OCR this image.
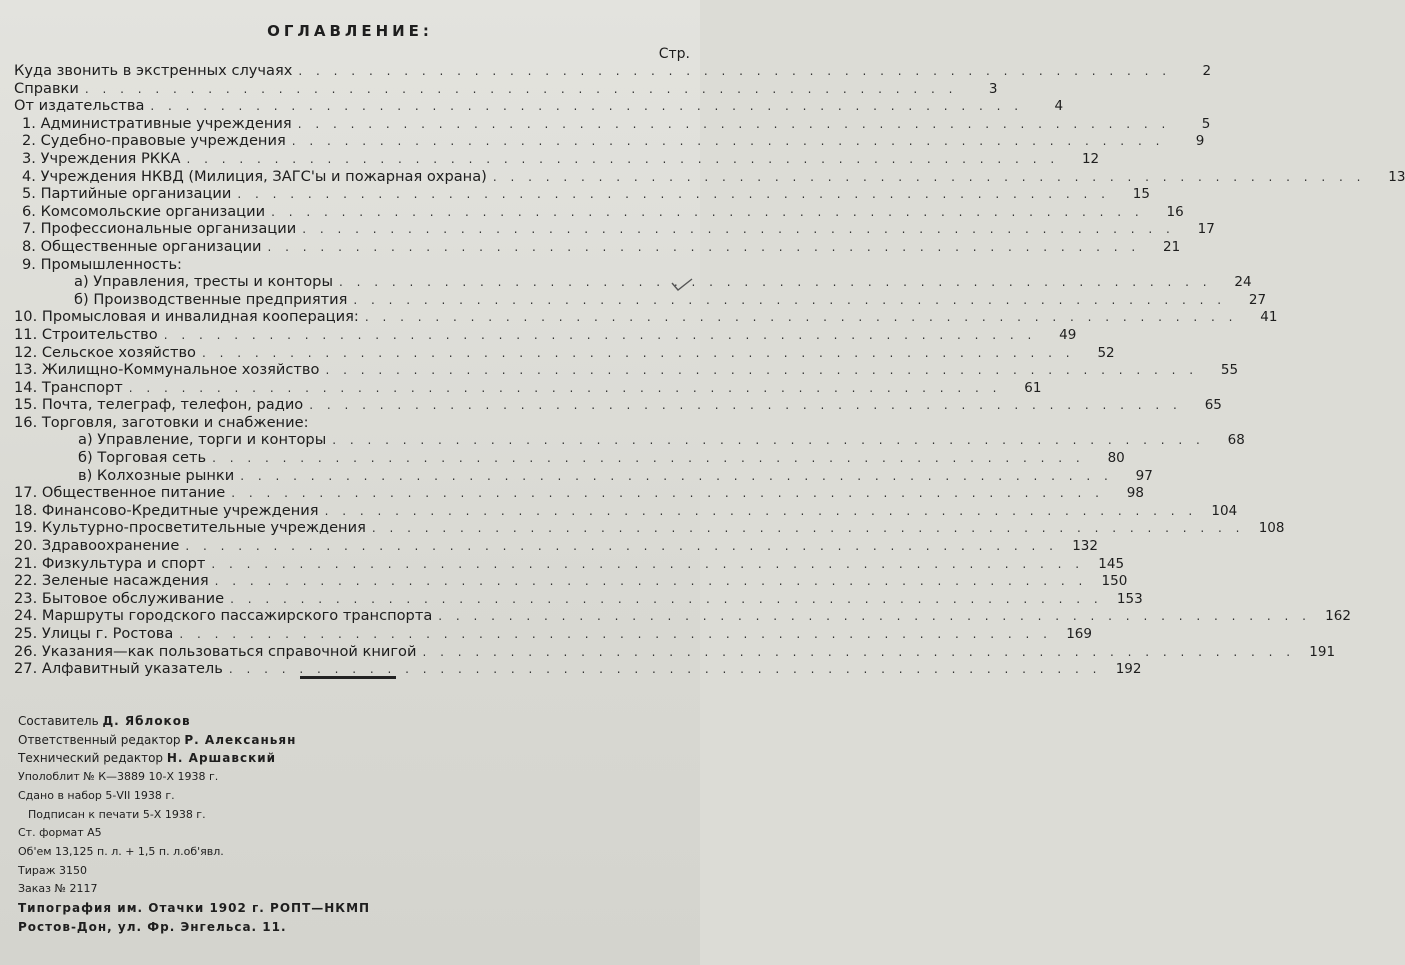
ОГЛАВЛЕНИЕ:
Стр.
Куда звонить в экстренных случаях . . . . . . . . . . . . . . . . . . . . . . . . . . . . . . . . . . . . . . . . . . . . . . . . . .	2
Справки . . . . . . . . . . . . . . . . . . . . . . . . . . . . . . . . . . . . . . . . . . . . . . . . . .	3
От издательства . . . . . . . . . . . . . . . . . . . . . . . . . . . . . . . . . . . . . . . . . . . . . . . . . .	4
1. Административные учреждения . . . . . . . . . . . . . . . . . . . . . . . . . . . . . . . . . . . . . . . . . . . . . . . . . .	5
2. Судебно-правовые учреждения . . . . . . . . . . . . . . . . . . . . . . . . . . . . . . . . . . . . . . . . . . . . . . . . . .	9
3. Учреждения РККА . . . . . . . . . . . . . . . . . . . . . . . . . . . . . . . . . . . . . . . . . . . . . . . . . .	12
4. Учреждения НКВД (Милиция, ЗАГС'ы и пожарная охрана) . . . . . . . . . . . . . . . . . . . . . . . . . . . . . . . . . . . . . . . . . . . . . . . . . .	13
5. Партийные организации . . . . . . . . . . . . . . . . . . . . . . . . . . . . . . . . . . . . . . . . . . . . . . . . . .	15
6. Комсомольские организации . . . . . . . . . . . . . . . . . . . . . . . . . . . . . . . . . . . . . . . . . . . . . . . . . .	16
7. Профессиональные организации . . . . . . . . . . . . . . . . . . . . . . . . . . . . . . . . . . . . . . . . . . . . . . . . . .	17
8. Общественные организации . . . . . . . . . . . . . . . . . . . . . . . . . . . . . . . . . . . . . . . . . . . . . . . . . .	21
9. Промышленность:
а) Управления, тресты и конторы . . . . . . . . . . . . . . . . . . . . . . . . . . . . . . . . . . . . . . . . . . . . . . . . . .	24
б) Производственные предприятия . . . . . . . . . . . . . . . . . . . . . . . . . . . . . . . . . . . . . . . . . . . . . . . . . .	27
10. Промысловая и инвалидная кооперация: . . . . . . . . . . . . . . . . . . . . . . . . . . . . . . . . . . . . . . . . . . . . . . . . . .	41
11. Строительство . . . . . . . . . . . . . . . . . . . . . . . . . . . . . . . . . . . . . . . . . . . . . . . . . .	49
12. Сельское хозяйство . . . . . . . . . . . . . . . . . . . . . . . . . . . . . . . . . . . . . . . . . . . . . . . . . .	52
13. Жилищно-Коммунальное хозяйство . . . . . . . . . . . . . . . . . . . . . . . . . . . . . . . . . . . . . . . . . . . . . . . . . .	55
14. Транспорт . . . . . . . . . . . . . . . . . . . . . . . . . . . . . . . . . . . . . . . . . . . . . . . . . .	61
15. Почта, телеграф, телефон, радио . . . . . . . . . . . . . . . . . . . . . . . . . . . . . . . . . . . . . . . . . . . . . . . . . .	65
16. Торговля, заготовки и снабжение:
а) Управление, торги и конторы . . . . . . . . . . . . . . . . . . . . . . . . . . . . . . . . . . . . . . . . . . . . . . . . . .	68
б) Торговая сеть . . . . . . . . . . . . . . . . . . . . . . . . . . . . . . . . . . . . . . . . . . . . . . . . . .	80
в) Колхозные рынки . . . . . . . . . . . . . . . . . . . . . . . . . . . . . . . . . . . . . . . . . . . . . . . . . .	97
17. Общественное питание . . . . . . . . . . . . . . . . . . . . . . . . . . . . . . . . . . . . . . . . . . . . . . . . . .	98
18. Финансово-Кредитные учреждения . . . . . . . . . . . . . . . . . . . . . . . . . . . . . . . . . . . . . . . . . . . . . . . . . .	104
19. Культурно-просветительные учреждения . . . . . . . . . . . . . . . . . . . . . . . . . . . . . . . . . . . . . . . . . . . . . . . . . .	108
20. Здравоохранение . . . . . . . . . . . . . . . . . . . . . . . . . . . . . . . . . . . . . . . . . . . . . . . . . .	132
21. Физкультура и спорт . . . . . . . . . . . . . . . . . . . . . . . . . . . . . . . . . . . . . . . . . . . . . . . . . .	145
22. Зеленые насаждения . . . . . . . . . . . . . . . . . . . . . . . . . . . . . . . . . . . . . . . . . . . . . . . . . .	150
23. Бытовое обслуживание . . . . . . . . . . . . . . . . . . . . . . . . . . . . . . . . . . . . . . . . . . . . . . . . . .	153
24. Маршруты городского пассажирского транспорта . . . . . . . . . . . . . . . . . . . . . . . . . . . . . . . . . . . . . . . . . . . . . . . . . .	162
25. Улицы г. Ростова . . . . . . . . . . . . . . . . . . . . . . . . . . . . . . . . . . . . . . . . . . . . . . . . . .	169
26. Указания—как пользоваться справочной книгой . . . . . . . . . . . . . . . . . . . . . . . . . . . . . . . . . . . . . . . . . . . . . . . . . .	191
27. Алфавитный указатель . . . . . . . . . . . . . . . . . . . . . . . . . . . . . . . . . . . . . . . . . . . . . . . . . .	192
Составитель Д. Яблоков
Ответственный редактор Р. Алексаньян
Технический редактор Н. Аршавский
Уполоблит № К—3889 10-X 1938 г.
Сдано в набор 5-VII 1938 г.
Подписан к печати 5-X 1938 г.
Ст. формат А5
Об'ем 13,125 п. л. + 1,5 п. л.об'явл.
Тираж 3150
Заказ № 2117
Типография им. Отачки 1902 г. РОПТ—НКМП
Ростов-Дон, ул. Фр. Энгельса. 11.
